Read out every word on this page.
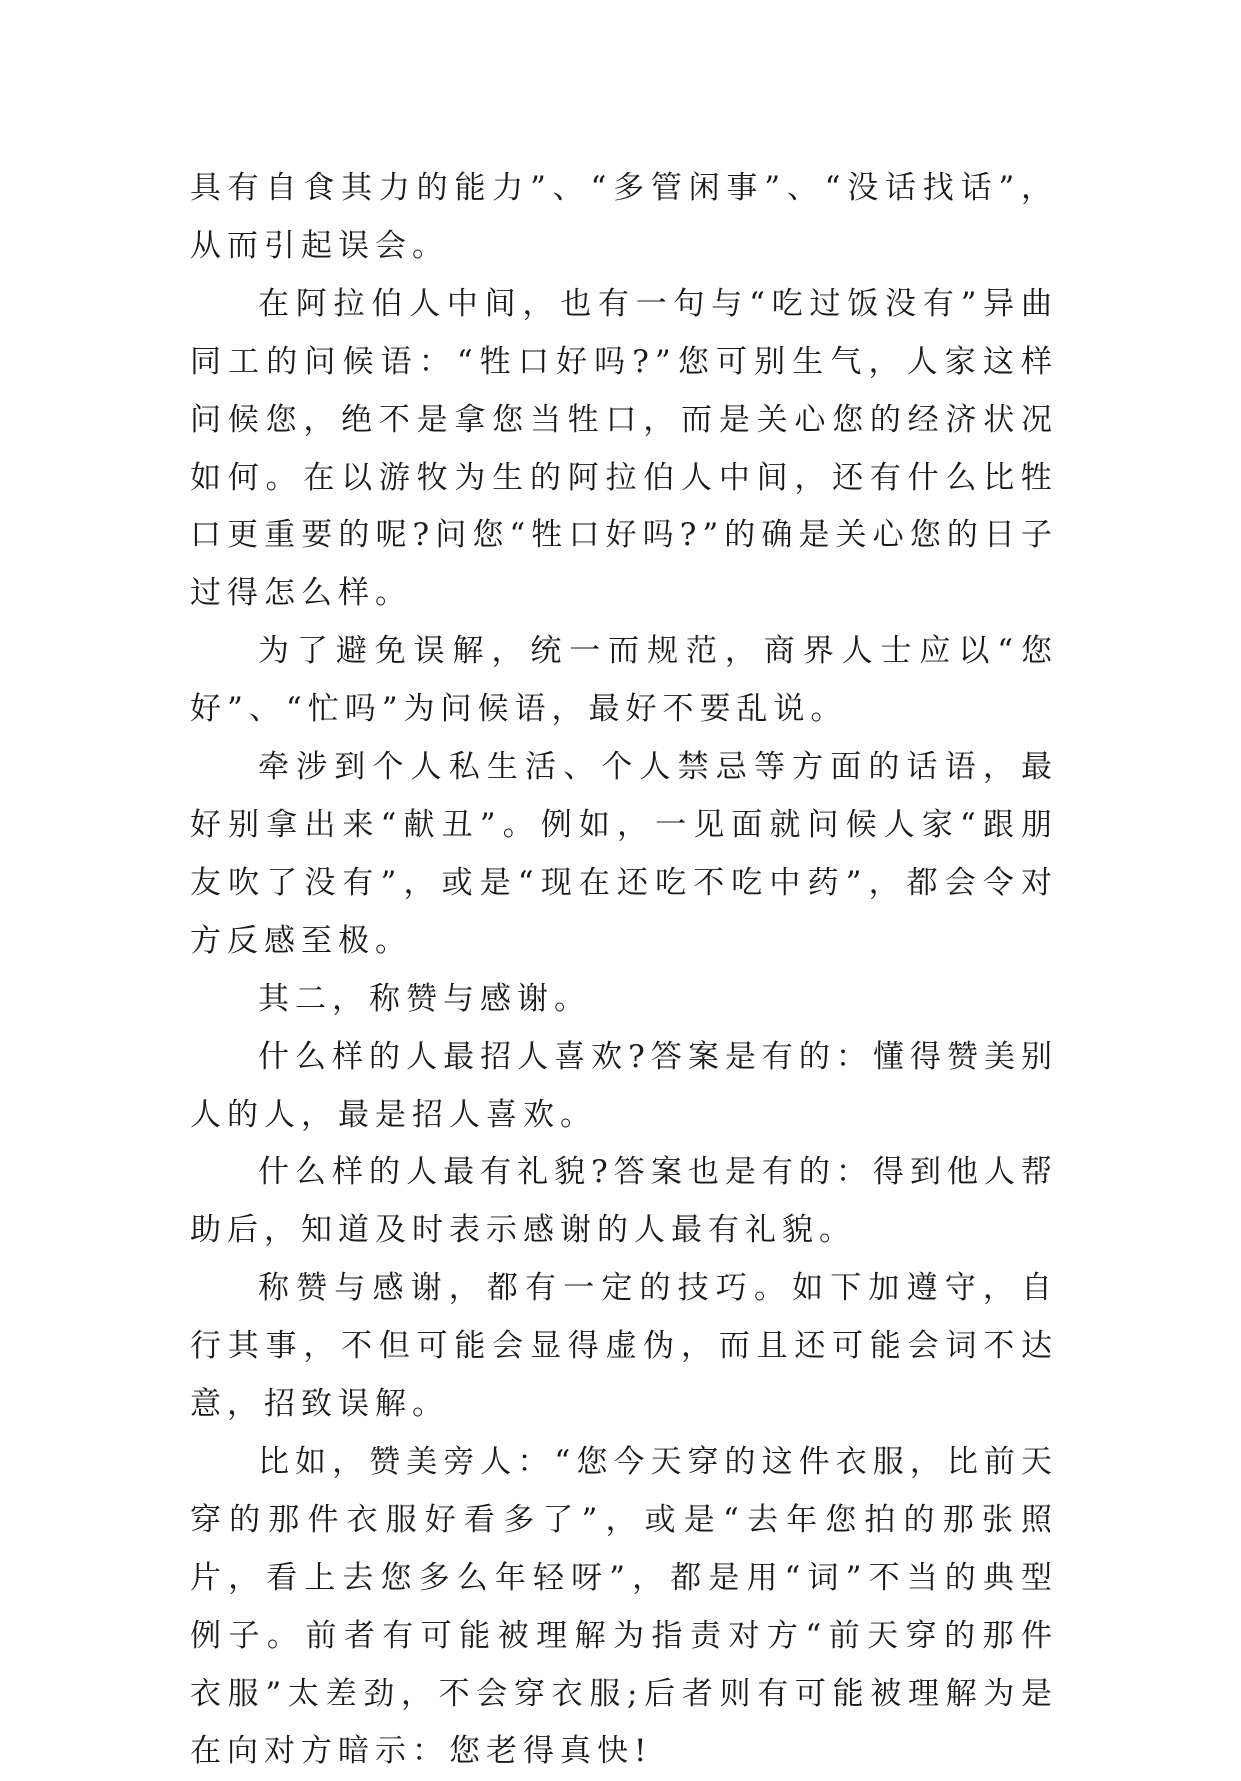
具有自食其力的能力”、“多管闲事”、“没话找话”，从而引起误会。

在阿拉伯人中间，也有一句与“吃过饭没有”异曲同工的问候语：“牲口好吗?”您可别生气，人家这样问候您，绝不是拿您当牲口，而是关心您的经济状况如何。在以游牧为生的阿拉伯人中间，还有什么比牲口更重要的呢?问您“牲口好吗?”的确是关心您的日子过得怎么样。

为了避免误解，统一而规范，商界人士应以“您好”、“忙吗”为问候语，最好不要乱说。

牵涉到个人私生活、个人禁忌等方面的话语，最好别拿出来“献丑”。例如，一见面就问候人家“跟朋友吹了没有”，或是“现在还吃不吃中药”，都会令对方反感至极。

其二，称赞与感谢。

什么样的人最招人喜欢?答案是有的：懂得赞美别人的人，最是招人喜欢。

什么样的人最有礼貌?答案也是有的：得到他人帮助后，知道及时表示感谢的人最有礼貌。

称赞与感谢，都有一定的技巧。如下加遵守，自行其事，不但可能会显得虚伪，而且还可能会词不达意，招致误解。

比如，赞美旁人：“您今天穿的这件衣服，比前天穿的那件衣服好看多了”，或是“去年您拍的那张照片，看上去您多么年轻呀”，都是用“词”不当的典型例子。前者有可能被理解为指责对方“前天穿的那件衣服”太差劲，不会穿衣服;后者则有可能被理解为是在向对方暗示：您老得真快!
